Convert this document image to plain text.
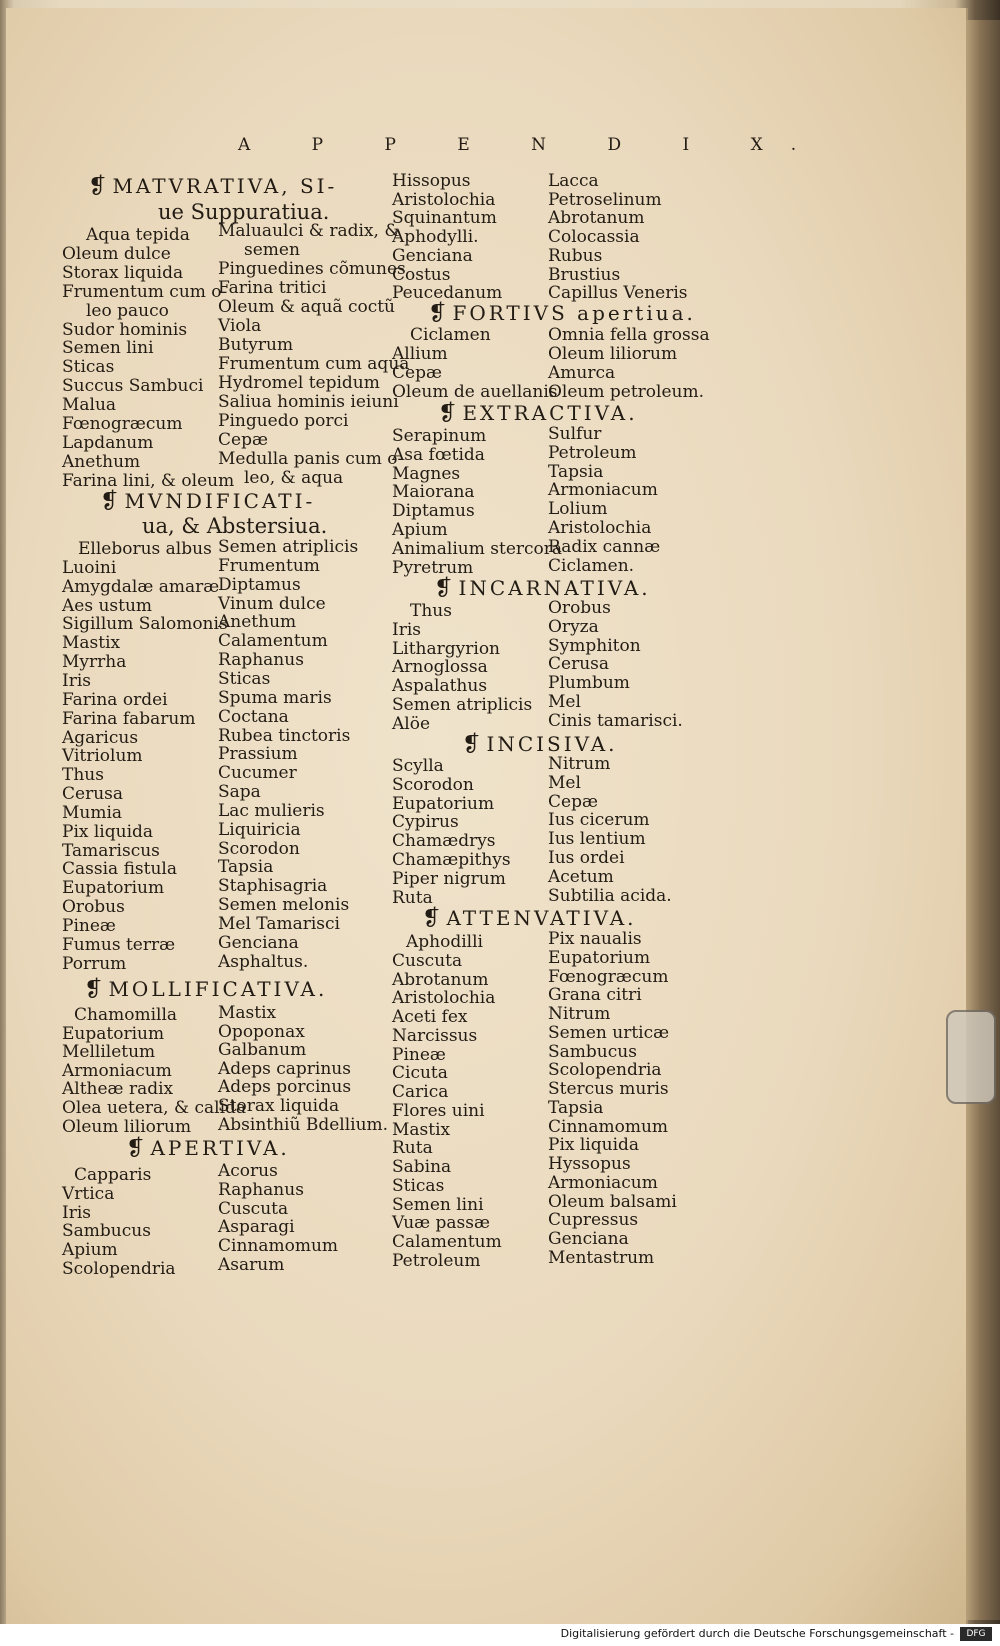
A P P E N D I X.
❡ MATVRATIVA, SI-
ue Suppuratiua.
❡ MVNDIFICATI-
ua, & Abstersiua.
❡ MOLLIFICATIVA.
❡ APERTIVA.
❡ FORTIVS apertiua.
❡ EXTRACTIVA.
❡ INCARNATIVA.
❡ INCISIVA.
❡ ATTENVATIVA.
Aqua tepida
Oleum dulce
Storax liquida
Frumentum cum o-
leo pauco
Sudor hominis
Semen lini
Sticas
Succus Sambuci
Malua
Fœnogræcum
Lapdanum
Anethum
Farina lini, & oleum
Elleborus albus
Luoini
Amygdalæ amaræ
Aes ustum
Sigillum Salomonis
Mastix
Myrrha
Iris
Farina ordei
Farina fabarum
Agaricus
Vitriolum
Thus
Cerusa
Mumia
Pix liquida
Tamariscus
Cassia fistula
Eupatorium
Orobus
Pineæ
Fumus terræ
Porrum
Chamomilla
Eupatorium
Melliletum
Armoniacum
Altheæ radix
Olea uetera, & calida
Oleum liliorum
Capparis
Vrtica
Iris
Sambucus
Apium
Scolopendria
Maluaulci & radix, &
semen
Pinguedines cõmunes
Farina tritici
Oleum & aquã coctũ
Viola
Butyrum
Frumentum cum aqua
Hydromel tepidum
Saliua hominis ieiuni
Pinguedo porci
Cepæ
Medulla panis cum o-
leo, & aqua
Semen atriplicis
Frumentum
Diptamus
Vinum dulce
Anethum
Calamentum
Raphanus
Sticas
Spuma maris
Coctana
Rubea tinctoris
Prassium
Cucumer
Sapa
Lac mulieris
Liquiricia
Scorodon
Tapsia
Staphisagria
Semen melonis
Mel Tamarisci
Genciana
Asphaltus.
Mastix
Opoponax
Galbanum
Adeps caprinus
Adeps porcinus
Storax liquida
Absinthiũ Bdellium.
Acorus
Raphanus
Cuscuta
Asparagi
Cinnamomum
Asarum
Hissopus
Aristolochia
Squinantum
Aphodylli.
Genciana
Costus
Peucedanum
Ciclamen
Allium
Cepæ
Oleum de auellanis
Serapinum
Asa fœtida
Magnes
Maiorana
Diptamus
Apium
Animalium stercora
Pyretrum
Thus
Iris
Lithargyrion
Arnoglossa
Aspalathus
Semen atriplicis
Alöe
Scylla
Scorodon
Eupatorium
Cypirus
Chamædrys
Chamæpithys
Piper nigrum
Ruta
Aphodilli
Cuscuta
Abrotanum
Aristolochia
Aceti fex
Narcissus
Pineæ
Cicuta
Carica
Flores uini
Mastix
Ruta
Sabina
Sticas
Semen lini
Vuæ passæ
Calamentum
Petroleum
Lacca
Petroselinum
Abrotanum
Colocassia
Rubus
Brustius
Capillus Veneris
Omnia fella grossa
Oleum liliorum
Amurca
Oleum petroleum.
Sulfur
Petroleum
Tapsia
Armoniacum
Lolium
Aristolochia
Radix cannæ
Ciclamen.
Orobus
Oryza
Symphiton
Cerusa
Plumbum
Mel
Cinis tamarisci.
Nitrum
Mel
Cepæ
Ius cicerum
Ius lentium
Ius ordei
Acetum
Subtilia acida.
Pix naualis
Eupatorium
Fœnogræcum
Grana citri
Nitrum
Semen urticæ
Sambucus
Scolopendria
Stercus muris
Tapsia
Cinnamomum
Pix liquida
Hyssopus
Armoniacum
Oleum balsami
Cupressus
Genciana
Mentastrum
Digitalisierung gefördert durch die Deutsche Forschungsgemeinschaft -	DFG
